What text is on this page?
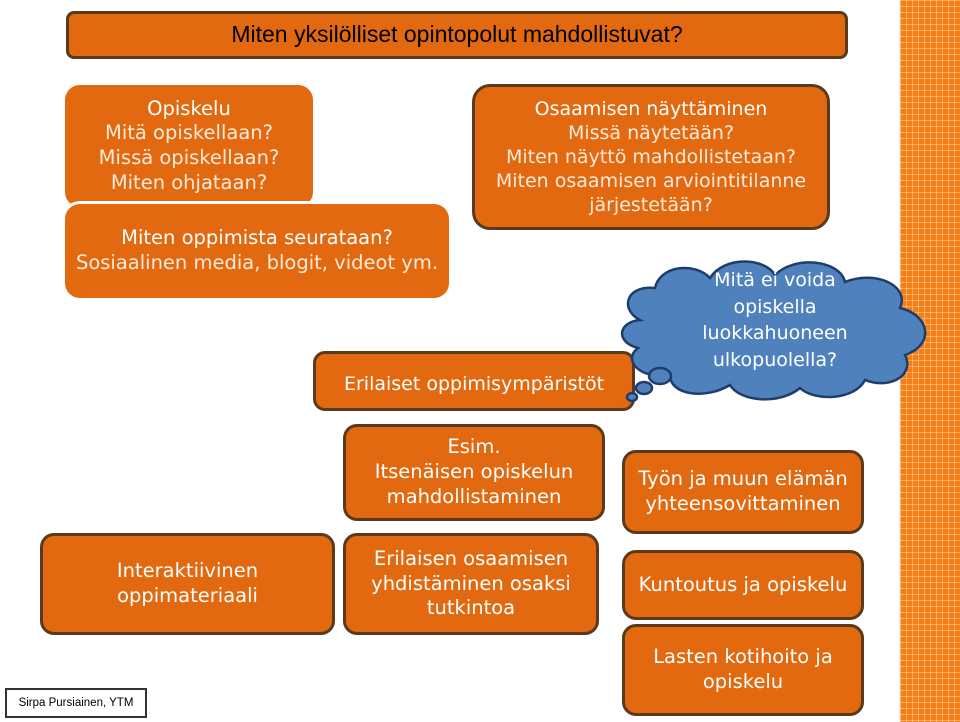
Miten yksilölliset opintopolut mahdollistuvat?
Opiskelu
Mitä opiskellaan?
Missä opiskellaan?
Miten ohjataan?
Miten oppimista seurataan?
Sosiaalinen media, blogit, videot ym.
Osaamisen näyttäminen
Missä näytetään?
Miten näyttö mahdollistetaan?
Miten osaamisen arviointitilanne
järjestetään?
Erilaiset oppimisympäristöt
Mitä ei voida
opiskella
luokkahuoneen
ulkopuolella?
Esim.
Itsenäisen opiskelun
mahdollistaminen
Työn ja muun elämän
yhteensovittaminen
Interaktiivinen
oppimateriaali
Erilaisen osaamisen
yhdistäminen osaksi
tutkintoa
Kuntoutus ja opiskelu
Lasten kotihoito ja
opiskelu
Sirpa Pursiainen, YTM
